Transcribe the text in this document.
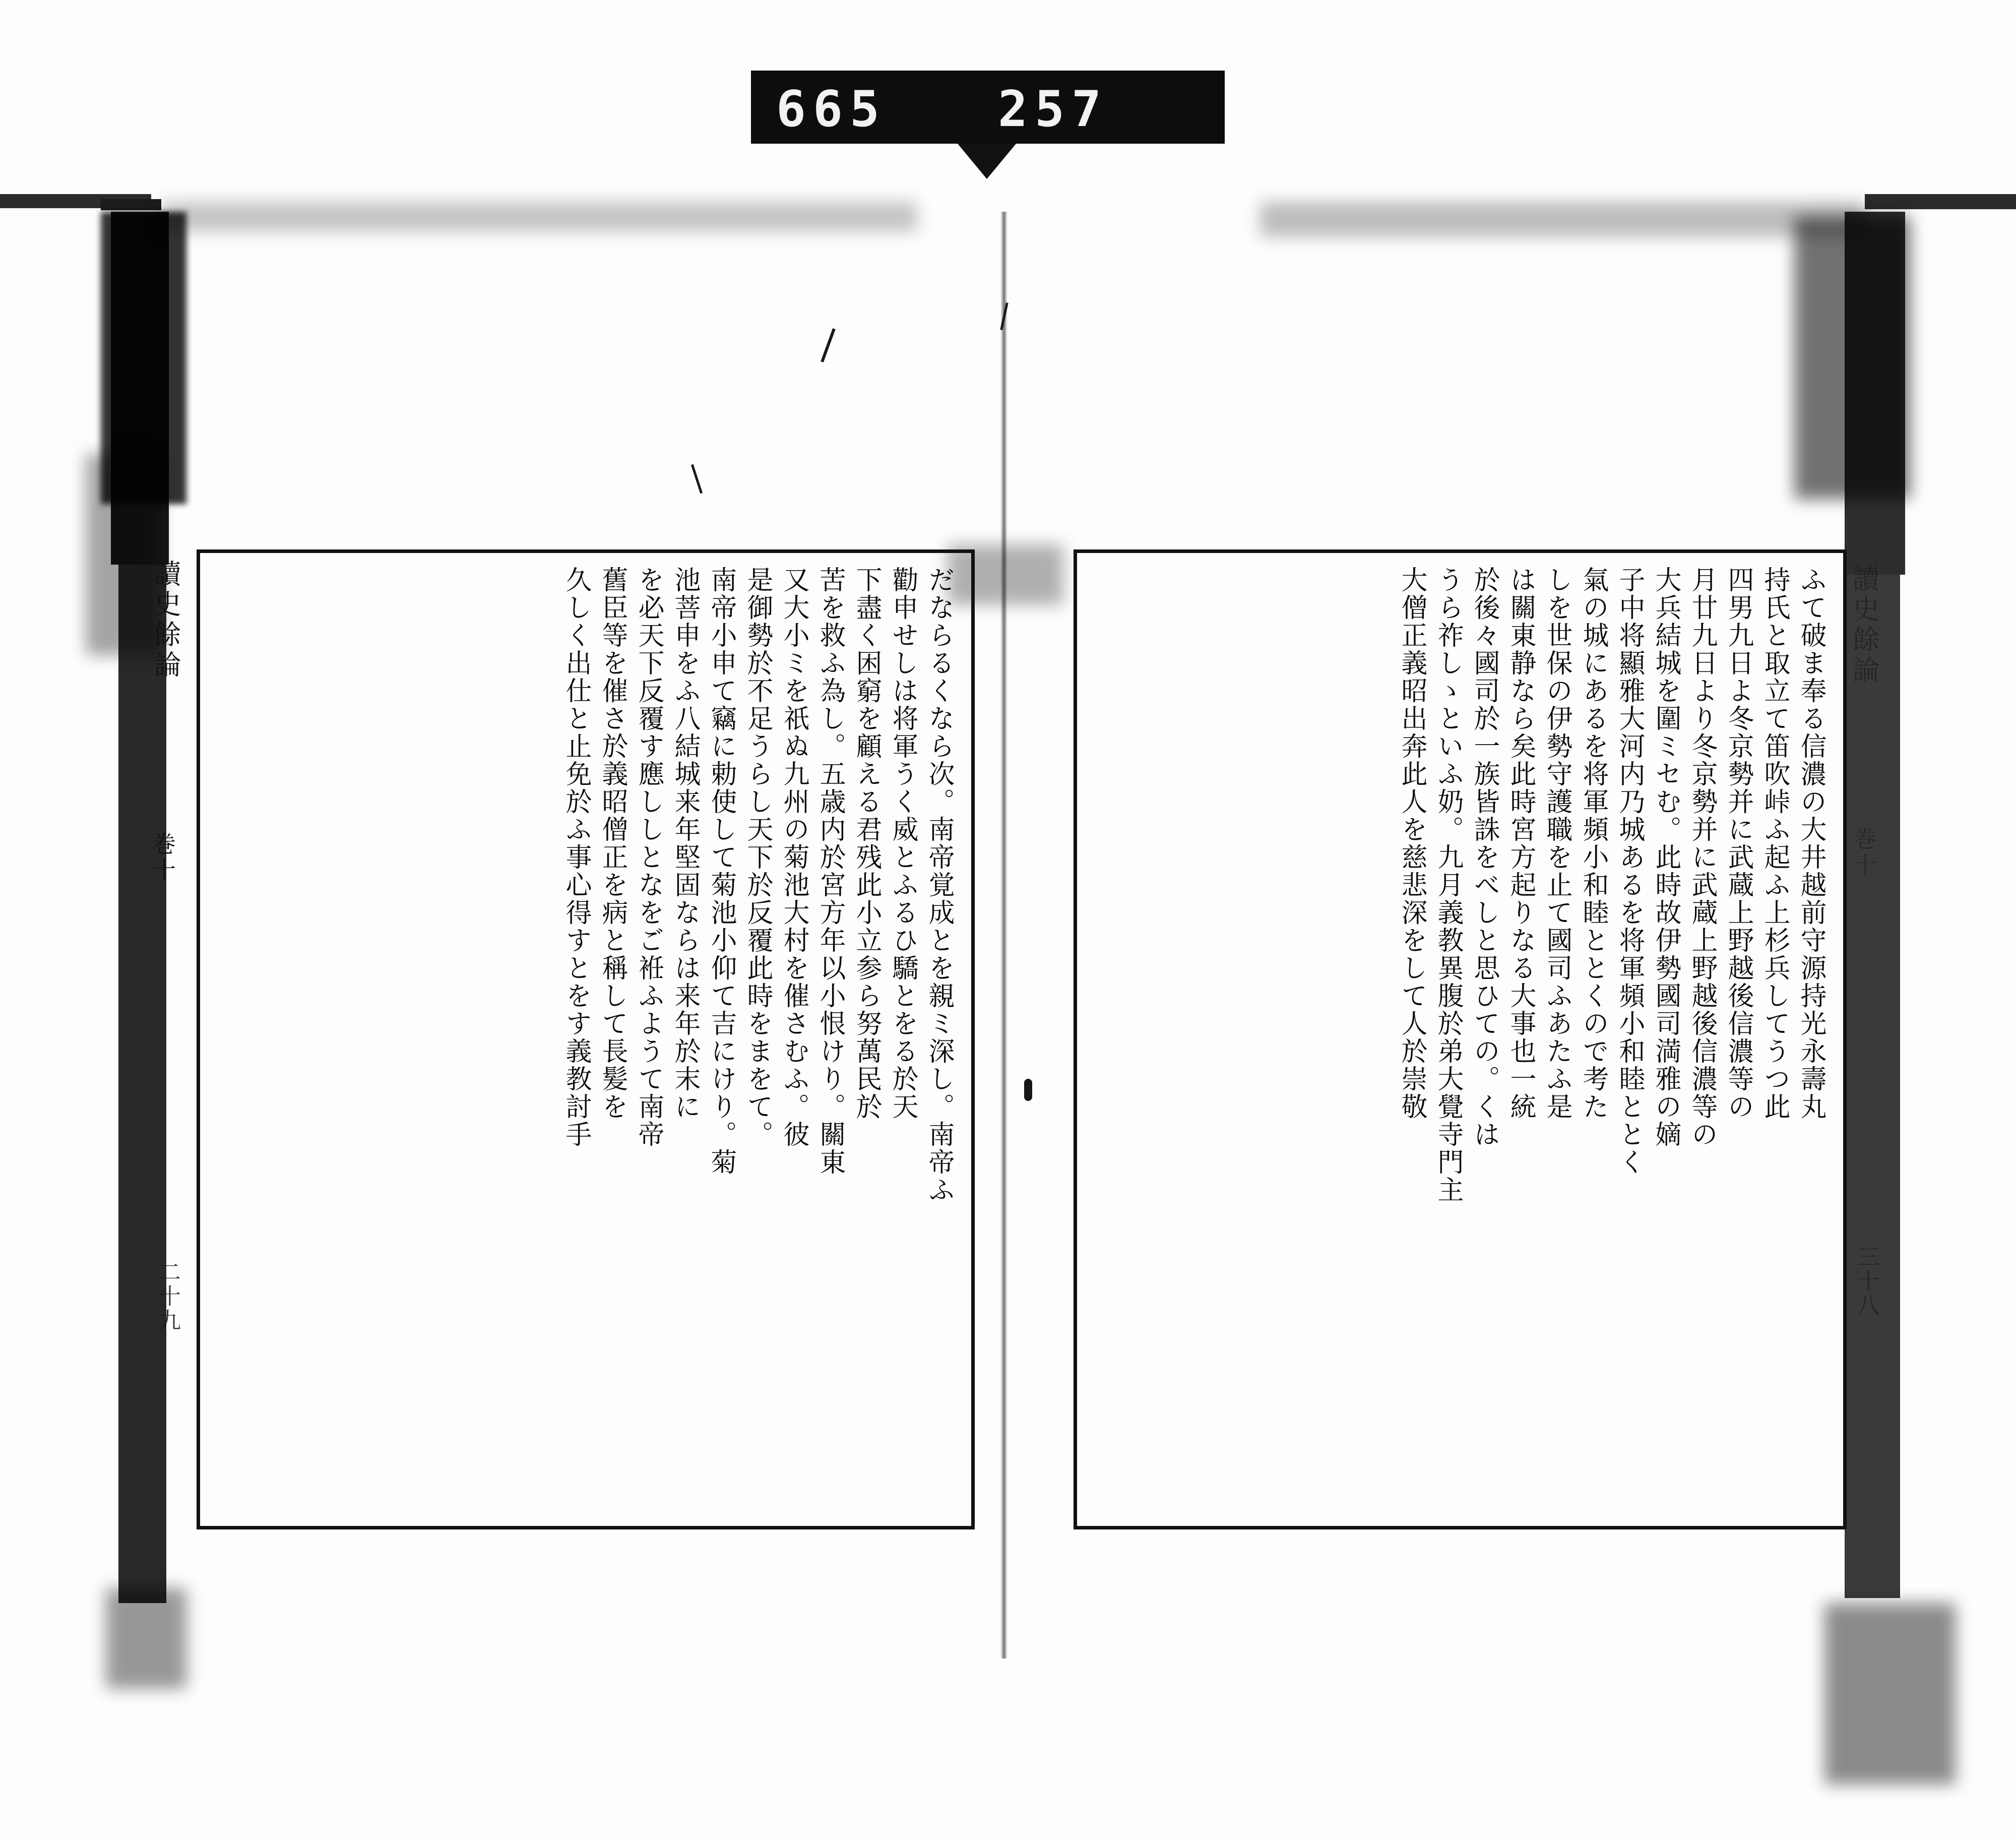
665 257
ふて破ま奉る信濃の大井越前守源持光永壽丸
持氏と取立て笛吹峠ふ起ふ上杉兵してうつ此
四男九日よ冬京勢并に武蔵上野越後信濃等の
月廿九日より冬京勢并に武蔵上野越後信濃等の
大兵結城を圍ミセむ。此時故伊勢國司満雅の嫡
子中将顯雅大河内乃城あるを将軍頻小和睦ととく
氣の城にあるを将軍頻小和睦ととくので考た
しを世保の伊勢守護職を止て國司ふあたふ是
は關東静なら矣此時宮方起りなる大事也一統
於後々國司於一族皆誅をべしと思ひての。くは
うら祚しゝといふ奶。九月義教異腹於弟大覺寺門主
大僧正義昭出奔此人を慈悲深をして人於崇敬
だならるくなら次。南帝覚成とを親ミ深し。南帝ふ
勸申せしは将軍うく威とふるひ驕とをる於天
下盡く困窮を顧える君残此小立参ら努萬民於
苦を救ふ為し。五歳内於宮方年以小恨けり。關東
又大小ミを祇ぬ九州の菊池大村を催さむふ。彼
是御勢於不足うらし天下於反覆此時をまをて。
南帝小申て竊に勅使して菊池小仰て吉にけり。菊
池菩申をふ八結城来年堅固ならは来年於末に
を必天下反覆す應ししとなをご袵ふようて南帝
舊臣等を催さ於義昭僧正を病と稱して長髪を
久しく出仕と止免於ふ事心得すとをす義教討手
讀史餘論
巻十
二十九
讀史餘論
巻十
三十八
